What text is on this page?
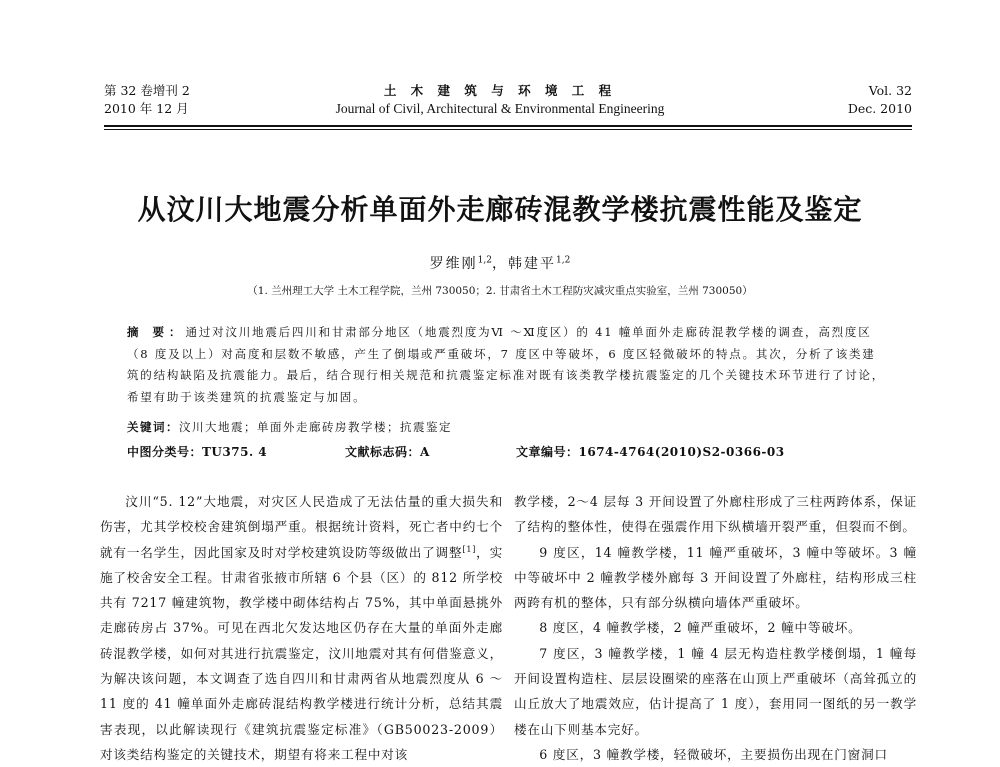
第 32 卷增刊 2
2010 年 12 月
土 木 建 筑 与 环 境 工 程
Journal of Civil, Architectural & Environmental Engineering
Vol. 32
Dec. 2010
从汶川大地震分析单面外走廊砖混教学楼抗震性能及鉴定
罗维刚$^{1,2}$，韩建平$^{1,2}$
（1. 兰州理工大学 土木工程学院，兰州 730050；2. 甘肃省土木工程防灾减灾重点实验室，兰州 730050）
摘 要：通过对汶川地震后四川和甘肃部分地区（地震烈度为Ⅵ ～Ⅺ度区）的 41 幢单面外走廊砖混教学楼的调查，高烈度区（8 度及以上）对高度和层数不敏感，产生了倒塌或严重破坏，7 度区中等破坏，6 度区轻微破坏的特点。其次，分析了该类建筑的结构缺陷及抗震能力。最后，结合现行相关规范和抗震鉴定标准对既有该类教学楼抗震鉴定的几个关键技术环节进行了讨论，希望有助于该类建筑的抗震鉴定与加固。
关键词：汶川大地震；单面外走廊砖房教学楼；抗震鉴定
中图分类号：TU375. 4	文献标志码：A	文章编号：1674-4764(2010)S2-0366-03

汶川“5. 12”大地震，对灾区人民造成了无法估量的重大损失和伤害，尤其学校校舍建筑倒塌严重。根据统计资料，死亡者中约七个就有一名学生，因此国家及时对学校建筑设防等级做出了调整[1]，实施了校舍安全工程。甘肃省张掖市所辖 6 个县（区）的 812 所学校共有 7217 幢建筑物，教学楼中砌体结构占 75%，其中单面悬挑外走廊砖房占 37%。可见在西北欠发达地区仍存在大量的单面外走廊砖混教学楼，如何对其进行抗震鉴定，汶川地震对其有何借鉴意义，为解决该问题，本文调查了选自四川和甘肃两省从地震烈度从 6 ～11 度的 41 幢单面外走廊砖混结构教学楼进行统计分析，总结其震害表现，以此解读现行《建筑抗震鉴定标准》（GB50023-2009）对该类结构鉴定的关键技术，期望有将来工程中对该

教学楼，2～4 层每 3 开间设置了外廊柱形成了三柱两跨体系，保证了结构的整体性，使得在强震作用下纵横墙开裂严重，但裂而不倒。

9 度区，14 幢教学楼，11 幢严重破坏，3 幢中等破坏。3 幢中等破坏中 2 幢教学楼外廊每 3 开间设置了外廊柱，结构形成三柱两跨有机的整体，只有部分纵横向墙体严重破坏。

8 度区，4 幢教学楼，2 幢严重破坏，2 幢中等破坏。

7 度区，3 幢教学楼，1 幢 4 层无构造柱教学楼倒塌，1 幢每开间设置构造柱、层层设圈梁的座落在山顶上严重破坏（高耸孤立的山丘放大了地震效应，估计提高了 1 度），套用同一图纸的另一教学楼在山下则基本完好。

6 度区，3 幢教学楼，轻微破坏，主要损伤出现在门窗洞口
